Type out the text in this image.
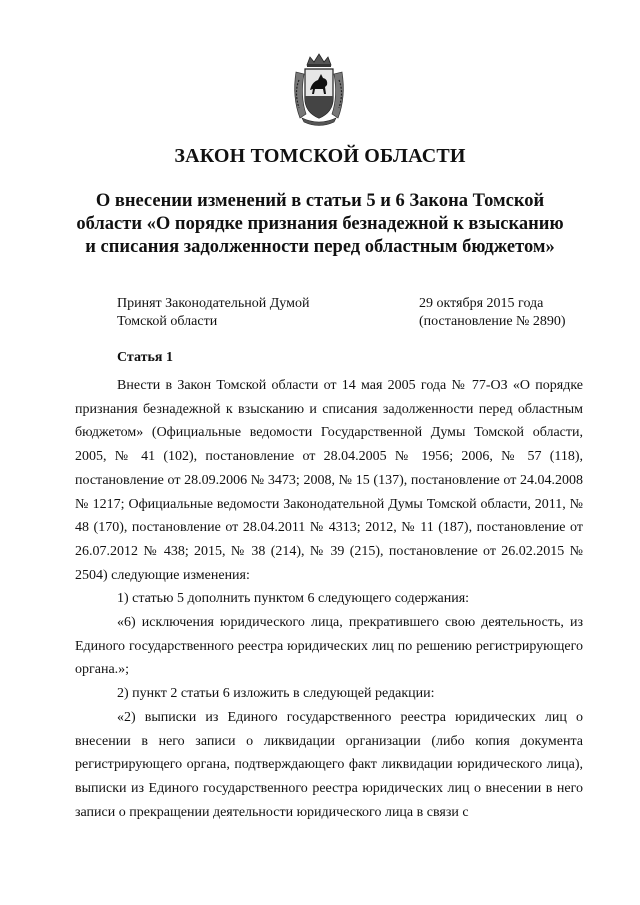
ЗАКОН ТОМСКОЙ ОБЛАСТИ
О внесении изменений в статьи 5 и 6 Закона Томской области «О порядке признания безнадежной к взысканию и списания задолженности перед областным бюджетом»
Принят Законодательной Думой
Томской области
29 октября 2015 года
(постановление № 2890)
Статья 1

Внести в Закон Томской области от 14 мая 2005 года № 77-ОЗ «О порядке признания безнадежной к взысканию и списания задолженности перед областным бюджетом» (Официальные ведомости Государственной Думы Томской области, 2005, № 41 (102), постановление от 28.04.2005 № 1956; 2006, № 57 (118), постановление от 28.09.2006 № 3473; 2008, № 15 (137), постановление от 24.04.2008 № 1217; Официальные ведомости Законодательной Думы Томской области, 2011, № 48 (170), постановление от 28.04.2011 № 4313; 2012, № 11 (187), постановление от 26.07.2012 № 438; 2015, № 38 (214), № 39 (215), постановление от 26.02.2015 № 2504) следующие изменения:

1) статью 5 дополнить пунктом 6 следующего содержания:

«6) исключения юридического лица, прекратившего свою деятельность, из Единого государственного реестра юридических лиц по решению регистрирующего органа.»;

2) пункт 2 статьи 6 изложить в следующей редакции:

«2) выписки из Единого государственного реестра юридических лиц о внесении в него записи о ликвидации организации (либо копия документа регистрирующего органа, подтверждающего факт ликвидации юридического лица), выписки из Единого государственного реестра юридических лиц о внесении в него записи о прекращении деятельности юридического лица в связи с
